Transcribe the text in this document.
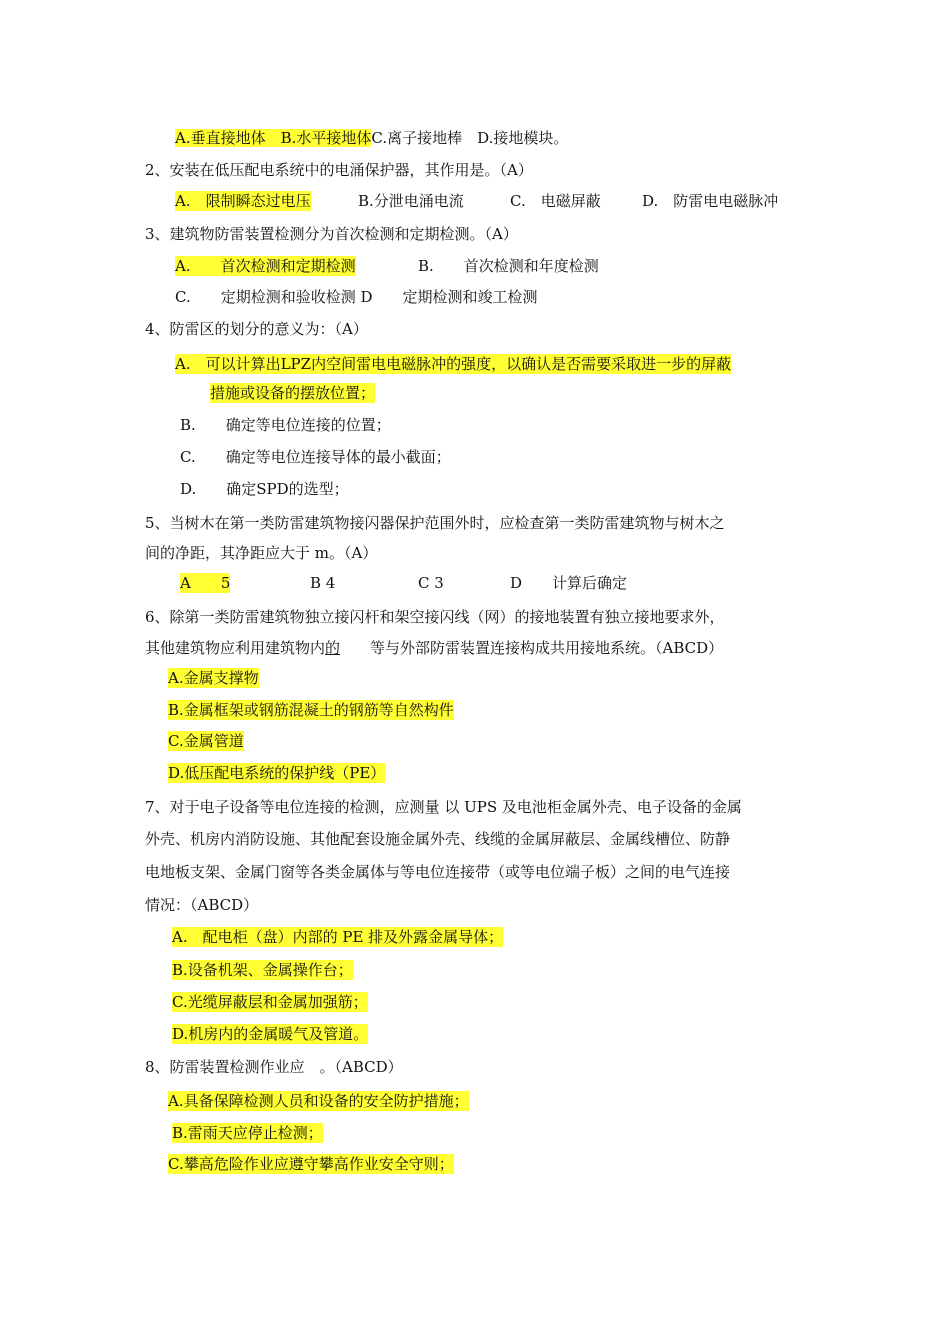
A.垂直接地体　B.水平接地体C.离子接地棒　D.接地模块。
2、安装在低压配电系统中的电涌保护器，其作用是。（A）
A.　限制瞬态过电压	B.分泄电涌电流	C.　电磁屏蔽	D.　防雷电电磁脉冲
3、建筑物防雷装置检测分为首次检测和定期检测。（A）
A.　　首次检测和定期检测	B.　　首次检测和年度检测
C.　　定期检测和验收检测 D　　定期检测和竣工检测
4、防雷区的划分的意义为：（A）
A.　可以计算出LPZ内空间雷电电磁脉冲的强度，以确认是否需要采取进一步的屏蔽
措施或设备的摆放位置；
B.　　确定等电位连接的位置；
C.　　确定等电位连接导体的最小截面；
D.　　确定SPD的选型；
5、当树木在第一类防雷建筑物接闪器保护范围外时，应检查第一类防雷建筑物与树木之
间的净距，其净距应大于 m。（A）
A　　5	B 4	C 3	D　　计算后确定
6、除第一类防雷建筑物独立接闪杆和架空接闪线（网）的接地装置有独立接地要求外，
其他建筑物应利用建筑物内的     等与外部防雷装置连接构成共用接地系统。（ABCD）
A.金属支撑物
B.金属框架或钢筋混凝土的钢筋等自然构件
C.金属管道
D.低压配电系统的保护线（PE）
7、对于电子设备等电位连接的检测，应测量 以 UPS 及电池柜金属外壳、电子设备的金属
外壳、机房内消防设施、其他配套设施金属外壳、线缆的金属屏蔽层、金属线槽位、防静
电地板支架、金属门窗等各类金属体与等电位连接带（或等电位端子板）之间的电气连接
情况：（ABCD）
A.　配电柜（盘）内部的 PE 排及外露金属导体；
B.设备机架、金属操作台；
C.光缆屏蔽层和金属加强筋；
D.机房内的金属暖气及管道。
8、防雷装置检测作业应　。（ABCD）
A.具备保障检测人员和设备的安全防护措施；
B.雷雨天应停止检测；
C.攀高危险作业应遵守攀高作业安全守则；
